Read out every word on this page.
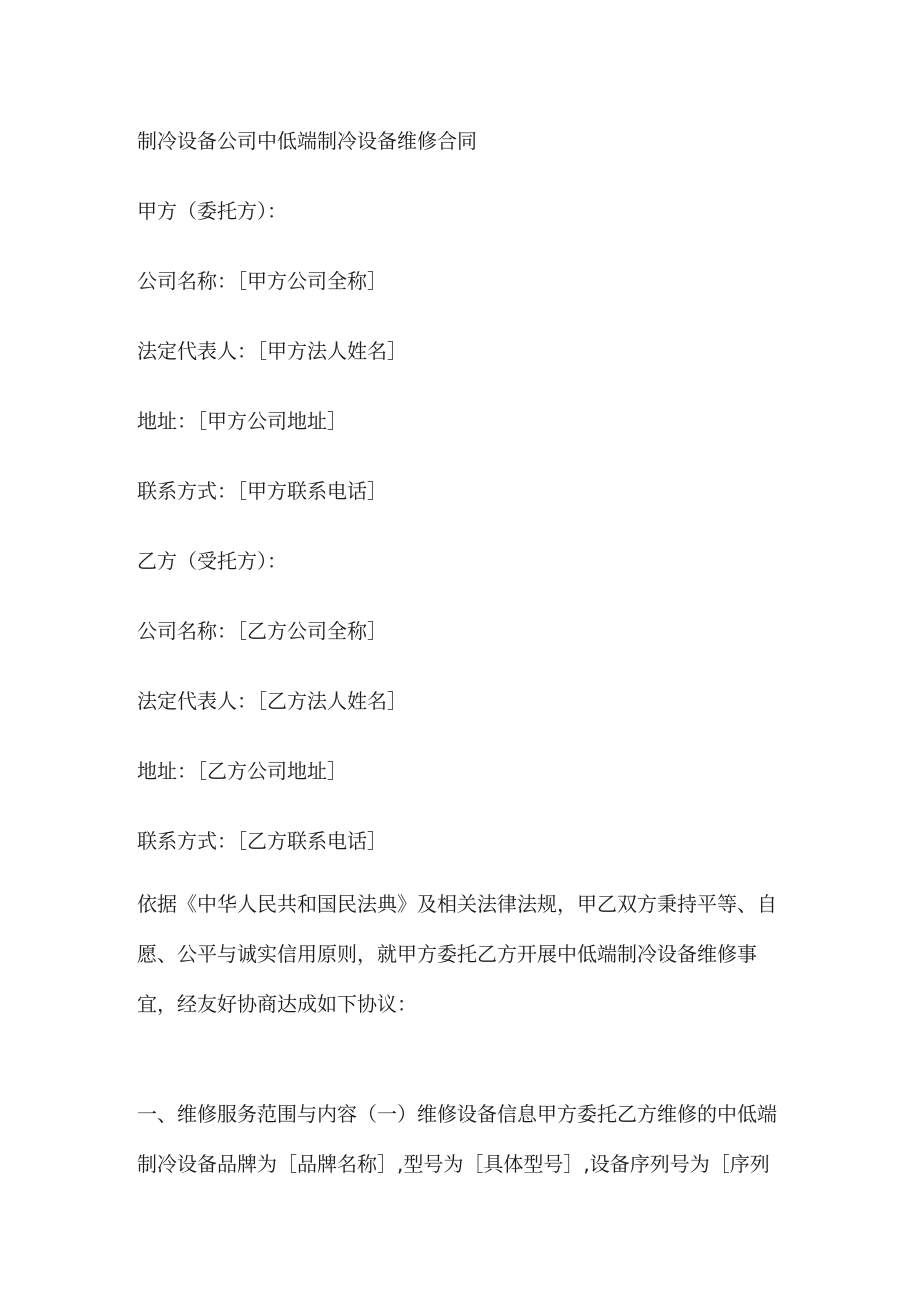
制冷设备公司中低端制冷设备维修合同
甲方（委托方）：
公司名称：［甲方公司全称］
法定代表人：［甲方法人姓名］
地址：［甲方公司地址］
联系方式：［甲方联系电话］
乙方（受托方）：
公司名称：［乙方公司全称］
法定代表人：［乙方法人姓名］
地址：［乙方公司地址］
联系方式：［乙方联系电话］
依据《中华人民共和国民法典》及相关法律法规，甲乙双方秉持平等、自
愿、公平与诚实信用原则，就甲方委托乙方开展中低端制冷设备维修事
宜，经友好协商达成如下协议：
一、维修服务范围与内容（一）维修设备信息甲方委托乙方维修的中低端
制冷设备品牌为［品牌名称］,型号为［具体型号］,设备序列号为［序列
